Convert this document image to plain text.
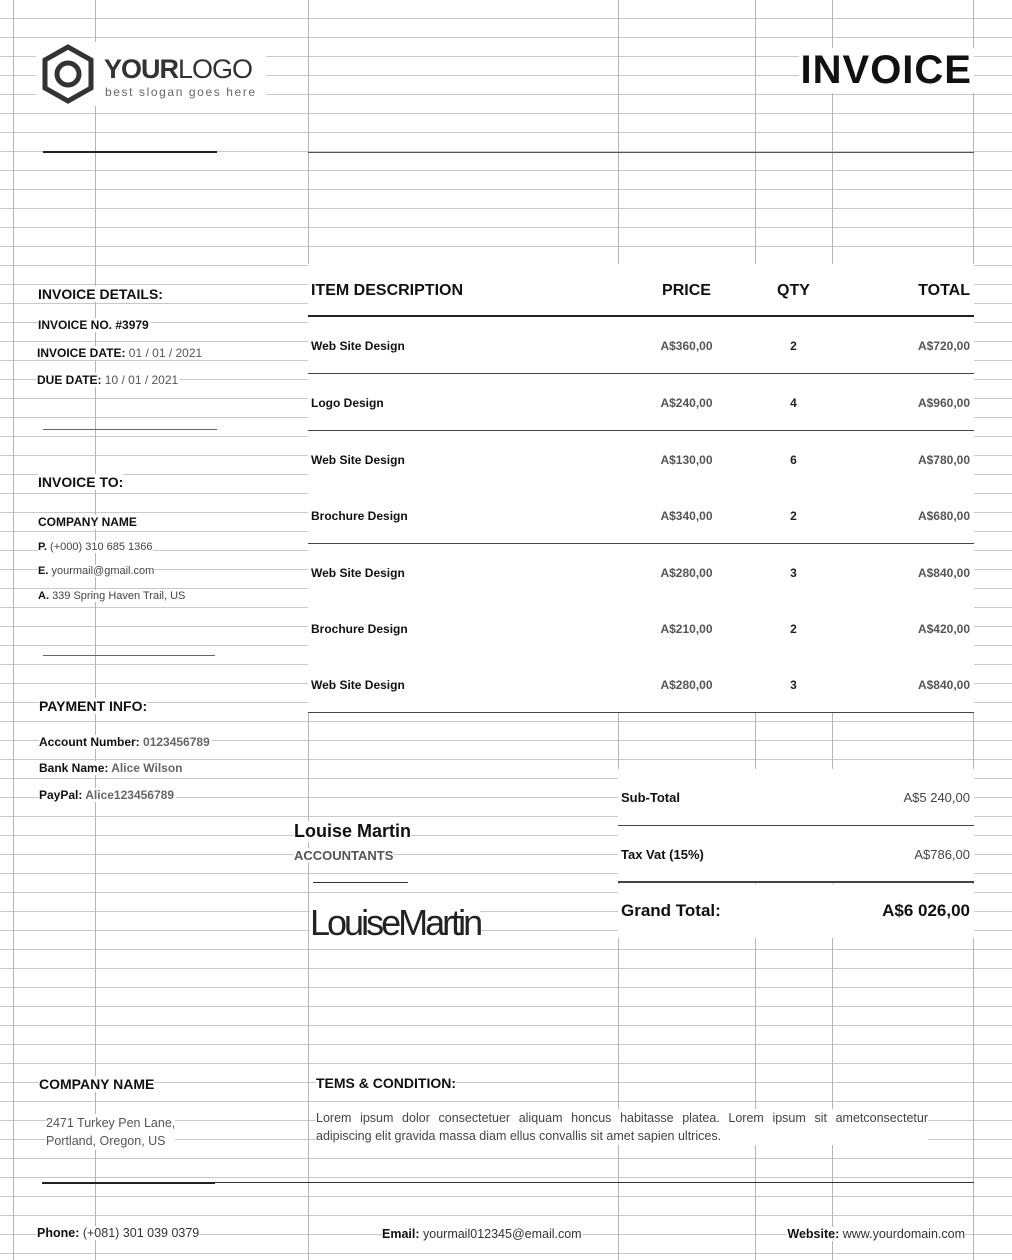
YOURLOGO
best slogan goes here	INVOICE
INVOICE DETAILS:
INVOICE NO. #3979
INVOICE DATE: 01 / 01 / 2021
DUE DATE: 10 / 01 / 2021
INVOICE TO:
COMPANY NAME
P. (+000) 310 685 1366
E. yourmail@gmail.com
A. 339 Spring Haven Trail, US
PAYMENT INFO:
Account Number: 0123456789
Bank Name: Alice Wilson
PayPal: Alice123456789
ITEM DESCRIPTION	PRICE	QTY	TOTAL
Web Site Design	A$360,00	2	A$720,00
Logo Design	A$240,00	4	A$960,00
Web Site Design	A$130,00	6	A$780,00
Brochure Design	A$340,00	2	A$680,00
Web Site Design	A$280,00	3	A$840,00
Brochure Design	A$210,00	2	A$420,00
Web Site Design	A$280,00	3	A$840,00
Sub-Total	A$5 240,00
Tax Vat (15%)	A$786,00
Grand Total:	A$6 026,00
Louise Martin
ACCOUNTANTS
LouiseMartin
COMPANY NAME
2471 Turkey Pen Lane,
Portland, Oregon, US
TEMS & CONDITION:
Lorem ipsum dolor consectetuer aliquam honcus habitasse platea. Lorem ipsum sit ametconsectetur adipiscing elit gravida massa diam ellus convallis sit amet sapien ultrices.
Phone: (+081) 301 039 0379	Email: yourmail012345@email.com	Website: www.yourdomain.com
